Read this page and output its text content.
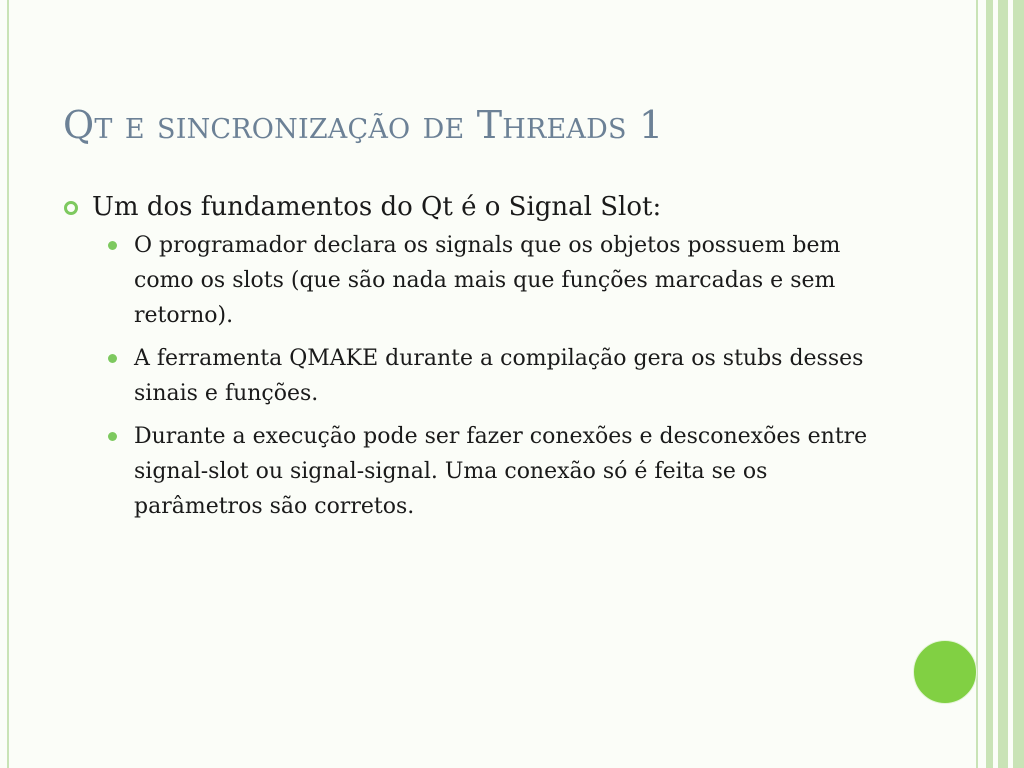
Qt e sincronização de Threads 1
Um dos fundamentos do Qt é o Signal Slot:
O programador declara os signals que os objetos possuem bem como os slots (que são nada mais que funções marcadas e sem retorno).
A ferramenta QMAKE durante a compilação gera os stubs desses sinais e funções.
Durante a execução pode ser fazer conexões e desconexões entre signal-slot ou signal-signal. Uma conexão só é feita se os parâmetros são corretos.
